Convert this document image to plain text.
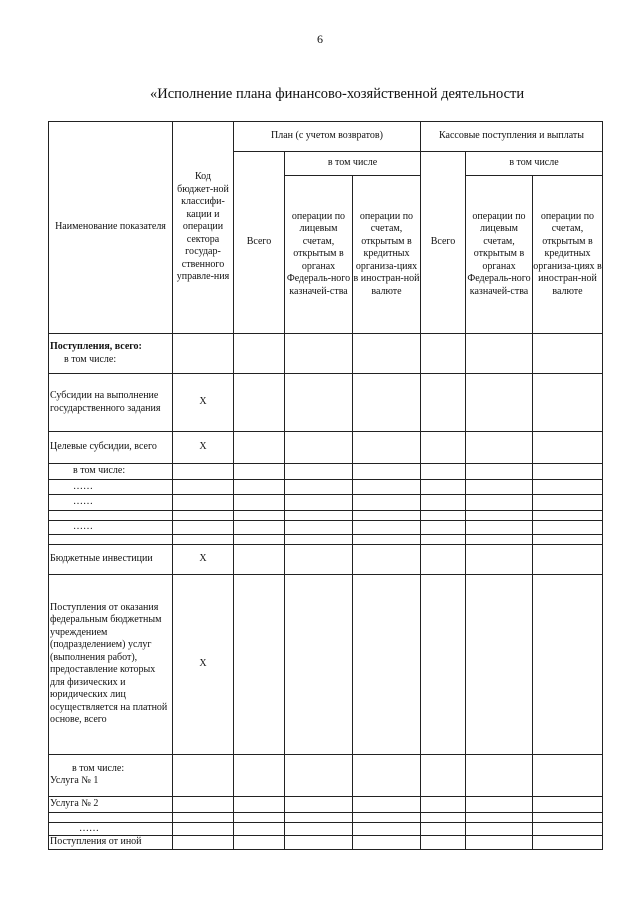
6
«Исполнение плана финансово-хозяйственной деятельности
Наименование показателя	Код бюджет-ной классифи-кации и операции сектора государ-ственного управле-ния	План (с учетом возвратов)			Кассовые поступления и выплаты		
		Всего	в том числе		Всего	в том числе	
			операции по лицевым счетам, открытым в органах Федераль-ного казначей-ства	операции по счетам, открытым в кредитных организа-циях в иностран-ной валюте		операции по лицевым счетам, открытым в органах Федераль-ного казначей-ства	операции по счетам, открытым в кредитных организа-циях в иностран-ной валюте

Поступления, всего:
в том числе:							

Субсидии на выполнение государственного задания	X						
Целевые субсидии, всего	X						
в том числе:							
……							
……							

……							

Бюджетные инвестиции	X						
Поступления от оказания федеральным бюджетным учреждением (подразделением) услуг (выполнения работ), предоставление которых для физических и юридических лиц осуществляется на платной основе, всего	X						

в том числе:
Услуга № 1							

Услуга № 2							

……							
Поступления от иной							
